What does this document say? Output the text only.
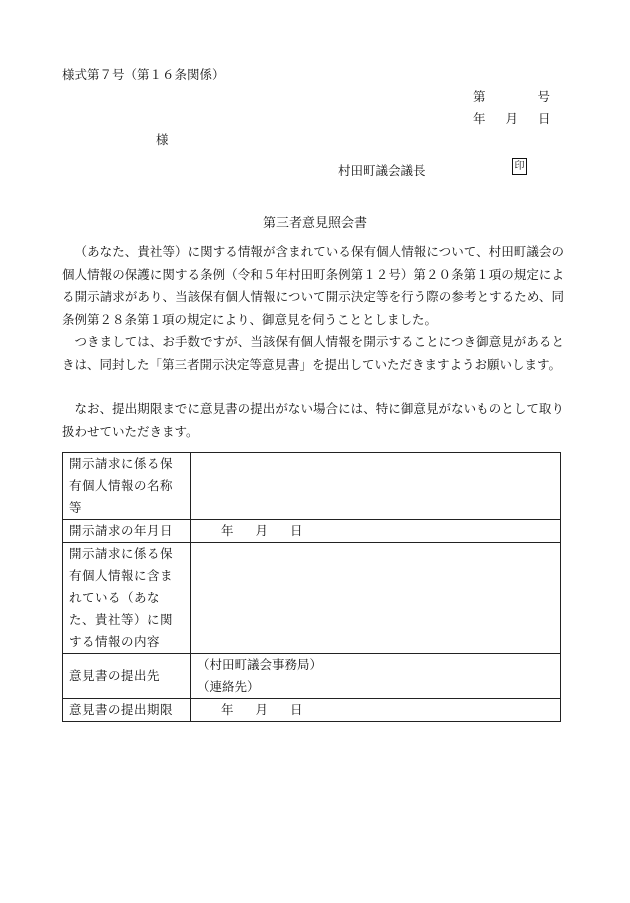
様式第７号（第１６条関係）
第	号
年 月 日
様
村田町議会議長	印
第三者意見照会書

（あなた、貴社等）に関する情報が含まれている保有個人情報について、村田町議会の個人情報の保護に関する条例（令和５年村田町条例第１２号）第２０条第１項の規定による開示請求があり、当該保有個人情報について開示決定等を行う際の参考とするため、同条例第２８条第１項の規定により、御意見を伺うこととしました。

つきましては、お手数ですが、当該保有個人情報を開示することにつき御意見があるときは、同封した「第三者開示決定等意見書」を提出していただきますようお願いします。

なお、提出期限までに意見書の提出がない場合には、特に御意見がないものとして取り扱わせていただきます。

開示請求に係る保有個人情報の名称等	
開示請求の年月日	年 月 日
開示請求に係る保有個人情報に含まれている（あなた、貴社等）に関する情報の内容	
意見書の提出先	（村田町議会事務局）
（連絡先）

意見書の提出期限	年 月 日
